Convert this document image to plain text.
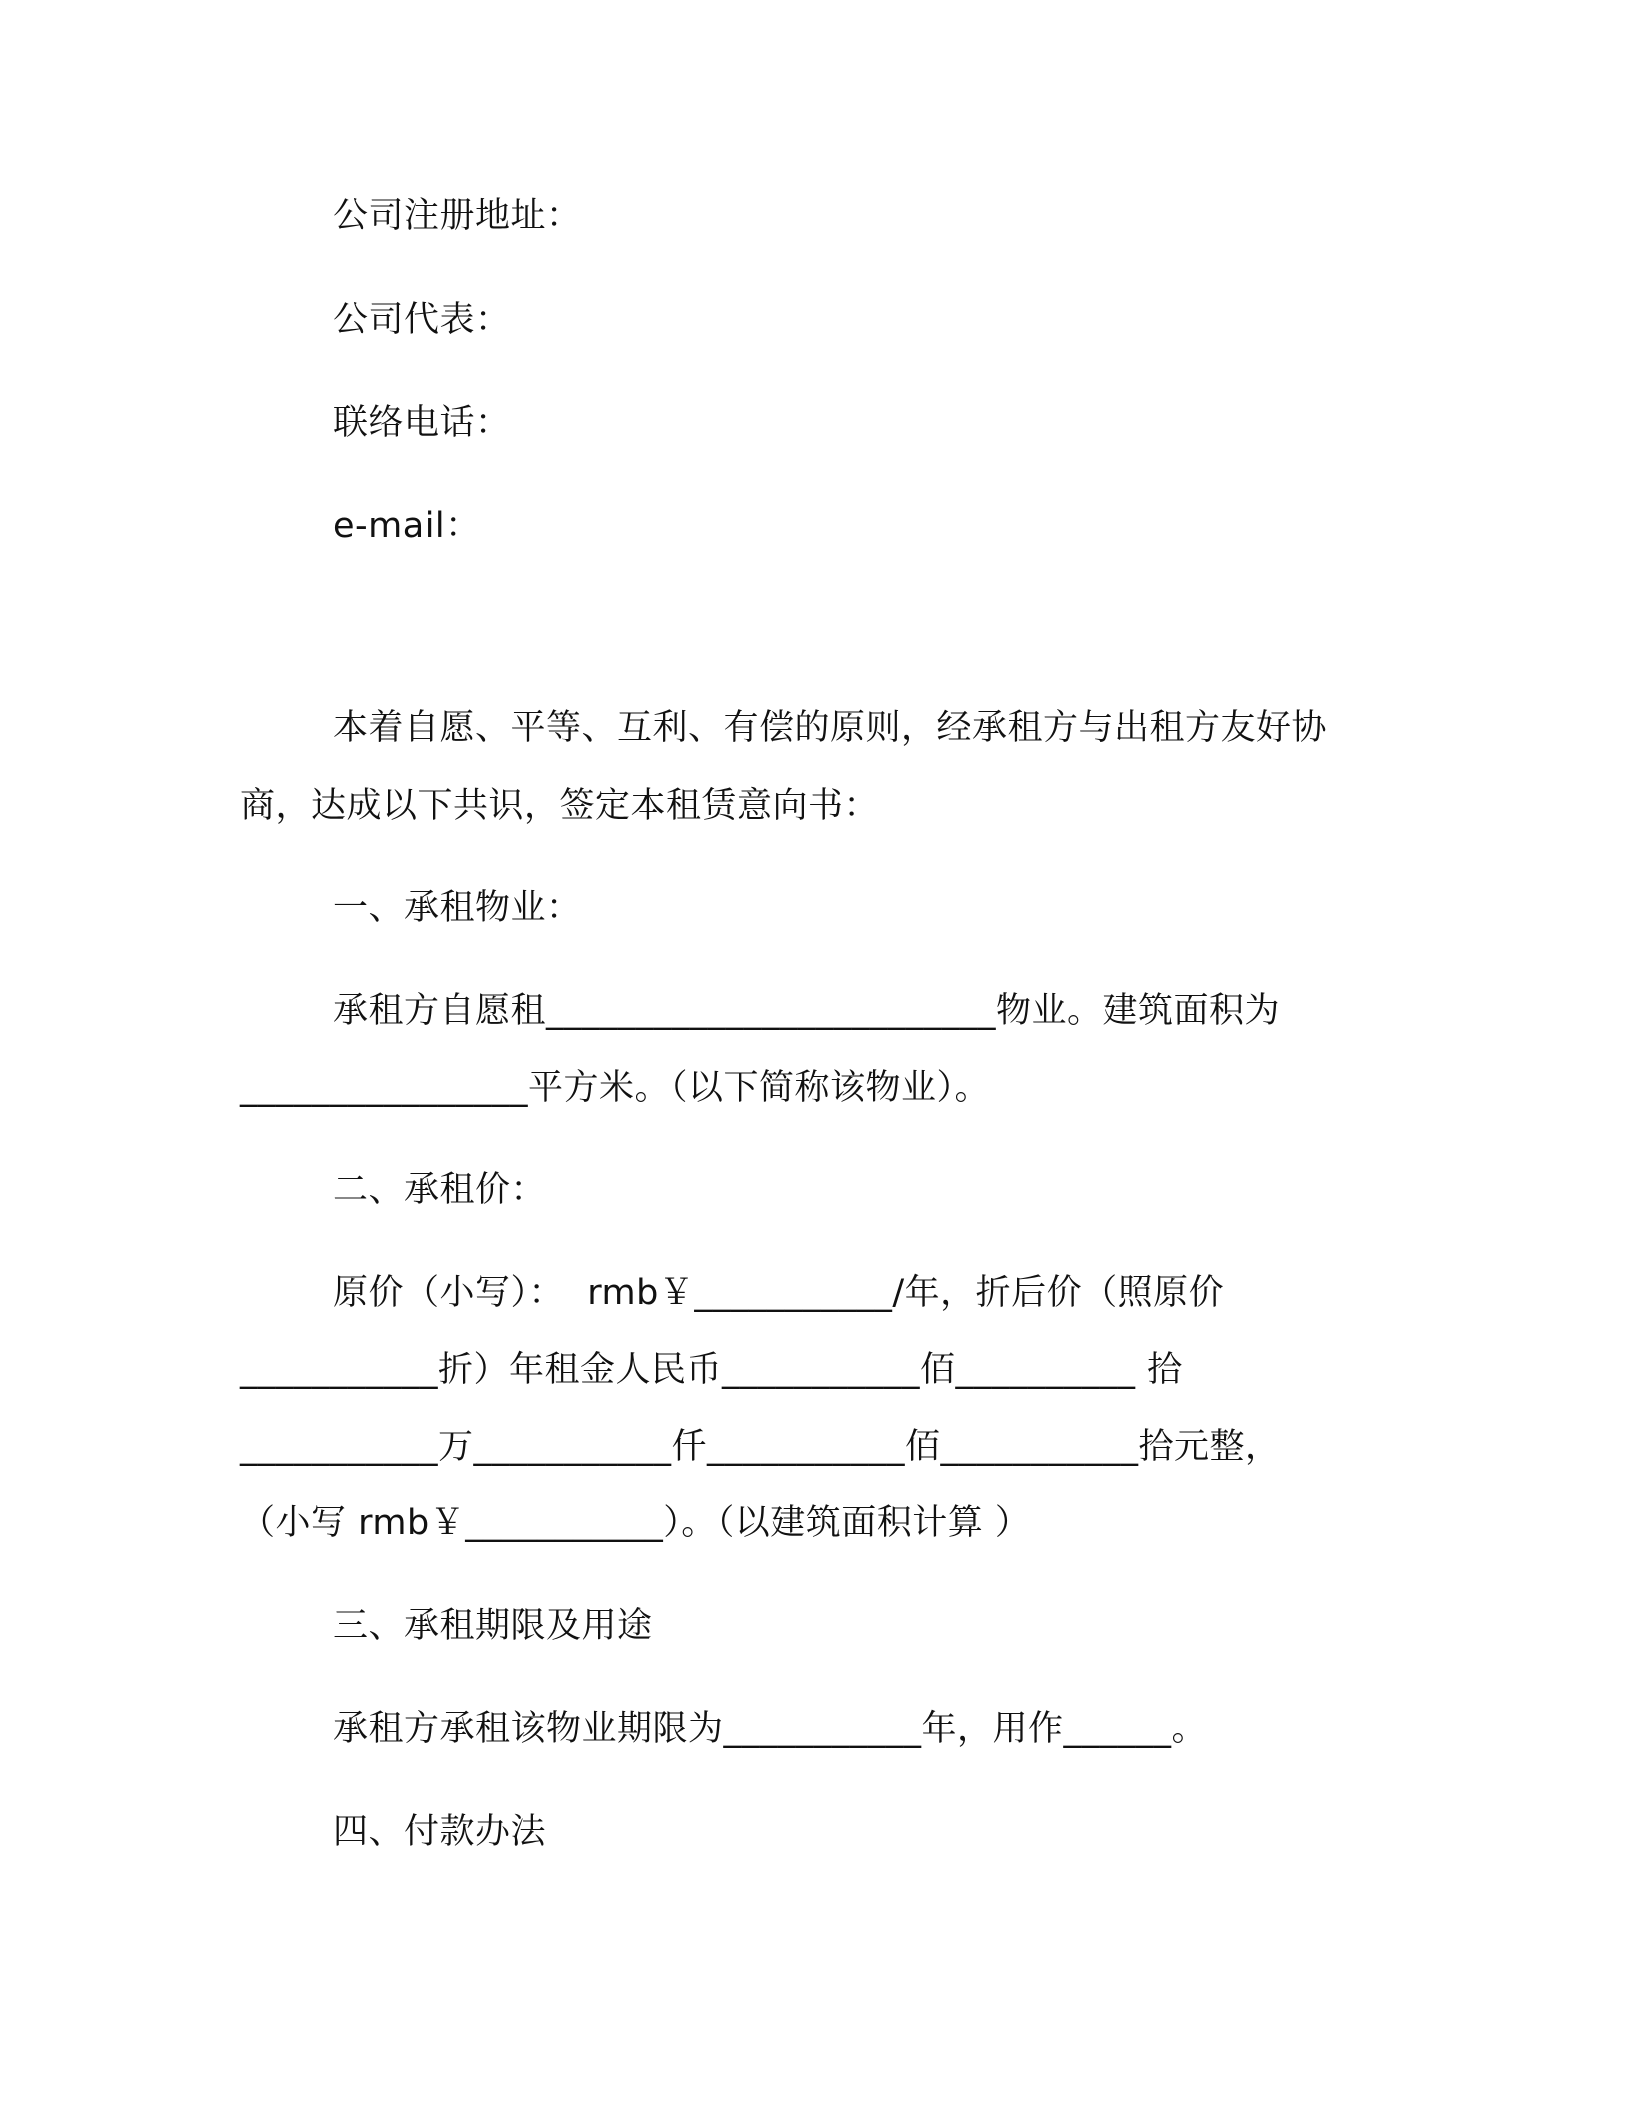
公司注册地址：
公司代表：
联络电话：
e-mail：
本着自愿、平等、互利、有偿的原则，经承租方与出租方友好协
商，达成以下共识，签定本租赁意向书：
一、承租物业：
承租方自愿租_________________________物业。建筑面积为
________________平方米。（以下简称该物业）。
二、承租价：
原价（小写）：  rmb￥___________/年，折后价（照原价
___________折）年租金人民币___________佰__________ 拾
___________万___________仟___________佰___________拾元整，
（小写 rmb￥___________）。（以建筑面积计算 ）
三、承租期限及用途
承租方承租该物业期限为___________年，用作______。
四、付款办法
